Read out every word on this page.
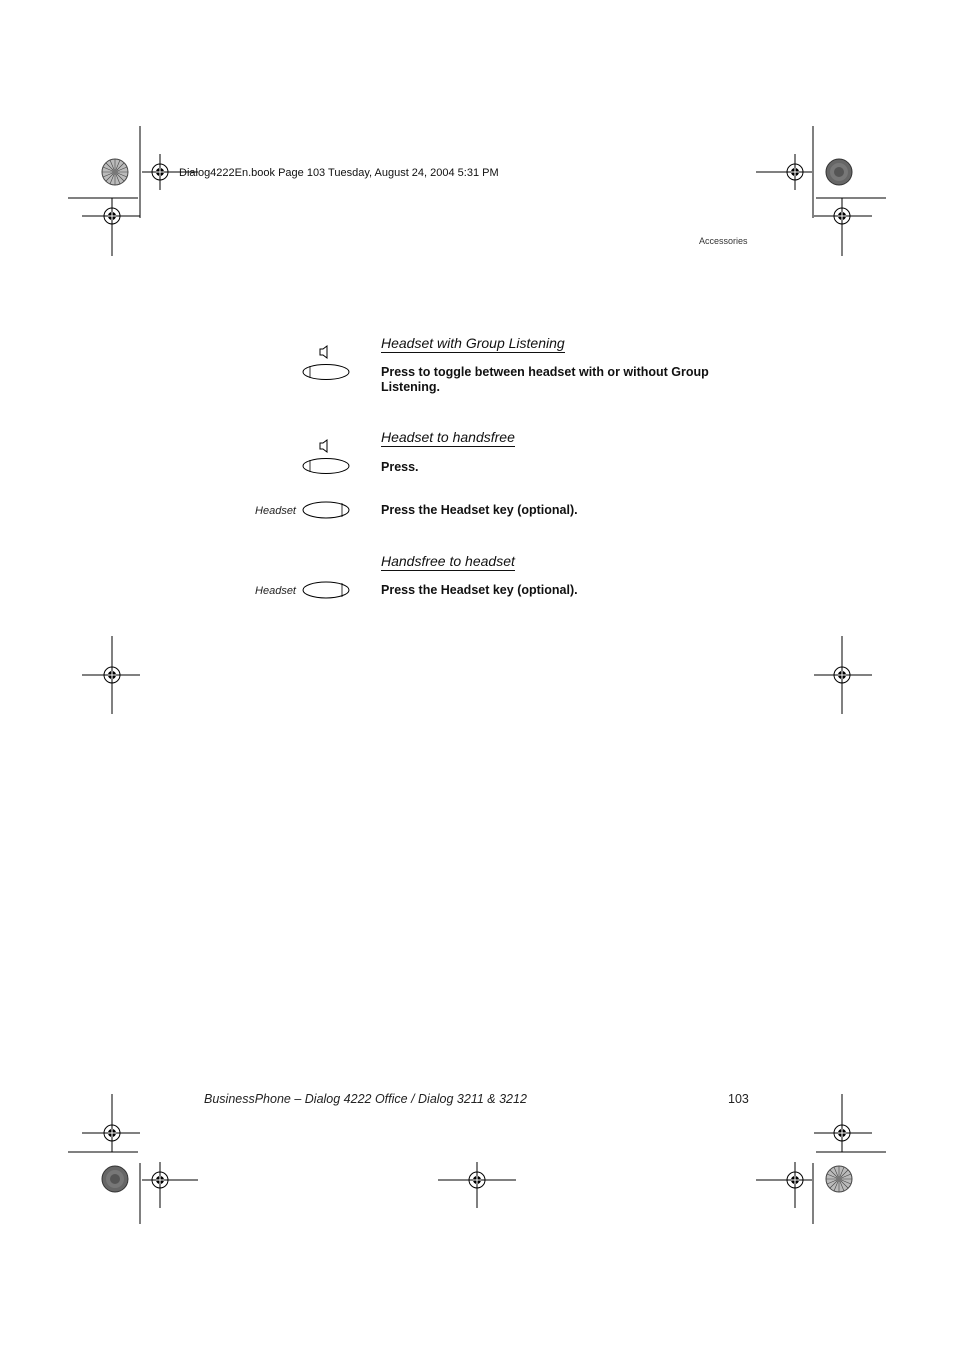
Dialog4222En.book Page 103 Tuesday, August 24, 2004 5:31 PM
Accessories
Headset with Group Listening
Press to toggle between headset with or without Group Listening.
Headset to handsfree
Press.
Headset	Press the Headset key (optional).
Handsfree to headset
Headset	Press the Headset key (optional).
BusinessPhone – Dialog 4222 Office / Dialog 3211 & 3212	103
